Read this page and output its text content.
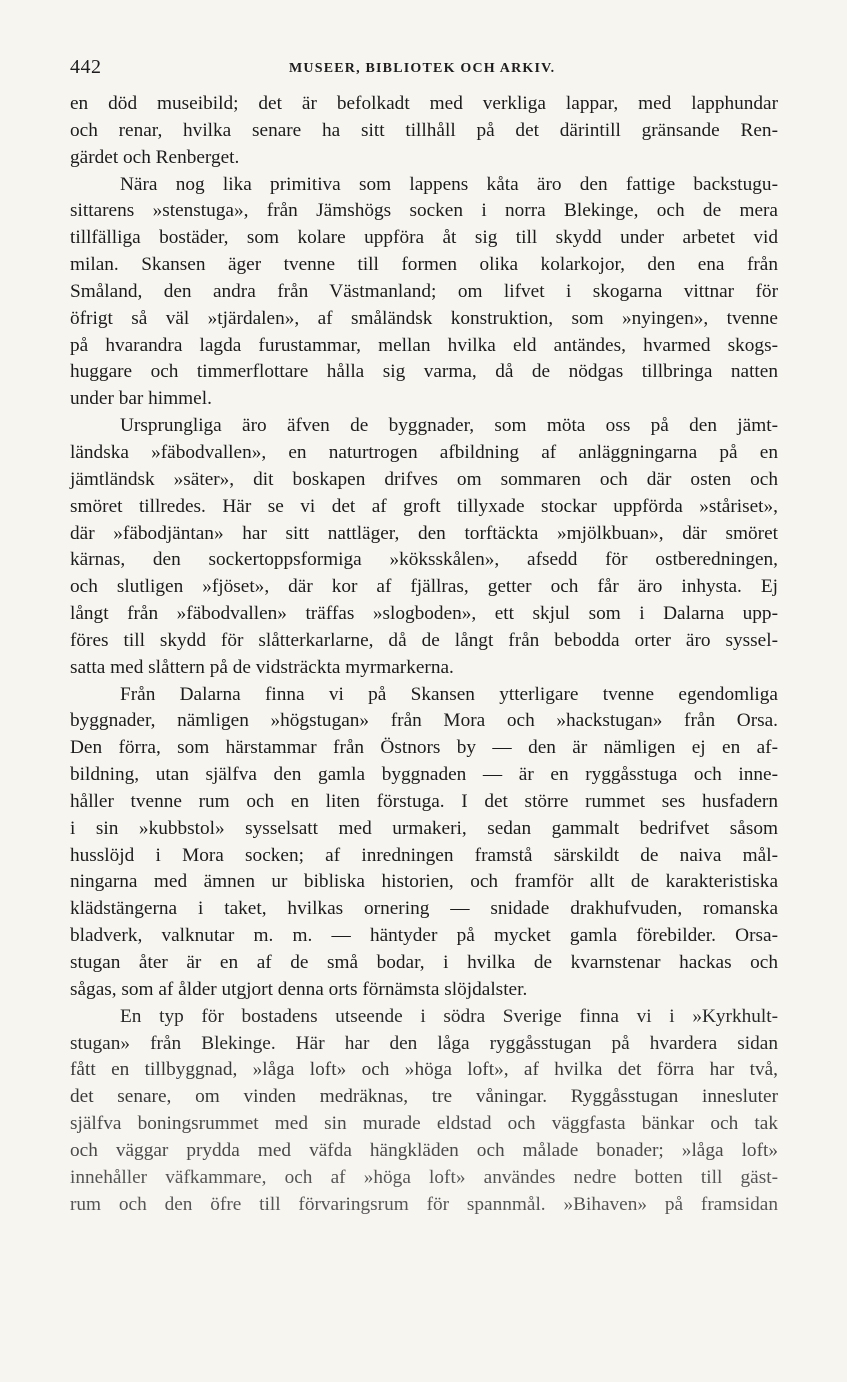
442	MUSEER, BIBLIOTEK OCH ARKIV.
en död museibild; det är befolkadt med verkliga lappar, med lapphundar
och renar, hvilka senare ha sitt tillhåll på det därintill gränsande Ren-
gärdet och Renberget.
Nära nog lika primitiva som lappens kåta äro den fattige backstugu-
sittarens »stenstuga», från Jämshögs socken i norra Blekinge, och de mera
tillfälliga bostäder, som kolare uppföra åt sig till skydd under arbetet vid
milan. Skansen äger tvenne till formen olika kolarkojor, den ena från
Småland, den andra från Västmanland; om lifvet i skogarna vittnar för
öfrigt så väl »tjärdalen», af småländsk konstruktion, som »nyingen», tvenne
på hvarandra lagda furustammar, mellan hvilka eld antändes, hvarmed skogs-
huggare och timmerflottare hålla sig varma, då de nödgas tillbringa natten
under bar himmel.
Ursprungliga äro äfven de byggnader, som möta oss på den jämt-
ländska »fäbodvallen», en naturtrogen afbildning af anläggningarna på en
jämtländsk »säter», dit boskapen drifves om sommaren och där osten och
smöret tillredes. Här se vi det af groft tillyxade stockar uppförda »ståriset»,
där »fäbodjäntan» har sitt nattläger, den torftäckta »mjölkbuan», där smöret
kärnas, den sockertoppsformiga »köksskålen», afsedd för ostberedningen,
och slutligen »fjöset», där kor af fjällras, getter och får äro inhysta. Ej
långt från »fäbodvallen» träffas »slogboden», ett skjul som i Dalarna upp-
föres till skydd för slåtterkarlarne, då de långt från bebodda orter äro syssel-
satta med slåttern på de vidsträckta myrmarkerna.
Från Dalarna finna vi på Skansen ytterligare tvenne egendomliga
byggnader, nämligen »högstugan» från Mora och »hackstugan» från Orsa.
Den förra, som härstammar från Östnors by — den är nämligen ej en af-
bildning, utan själfva den gamla byggnaden — är en ryggåsstuga och inne-
håller tvenne rum och en liten förstuga. I det större rummet ses husfadern
i sin »kubbstol» sysselsatt med urmakeri, sedan gammalt bedrifvet såsom
husslöjd i Mora socken; af inredningen framstå särskildt de naiva mål-
ningarna med ämnen ur bibliska historien, och framför allt de karakteristiska
klädstängerna i taket, hvilkas ornering — snidade drakhufvuden, romanska
bladverk, valknutar m. m. — häntyder på mycket gamla förebilder. Orsa-
stugan åter är en af de små bodar, i hvilka de kvarnstenar hackas och
sågas, som af ålder utgjort denna orts förnämsta slöjdalster.
En typ för bostadens utseende i södra Sverige finna vi i »Kyrkhult-
stugan» från Blekinge. Här har den låga ryggåsstugan på hvardera sidan
fått en tillbyggnad, »låga loft» och »höga loft», af hvilka det förra har två,
det senare, om vinden medräknas, tre våningar. Ryggåsstugan innesluter
själfva boningsrummet med sin murade eldstad och väggfasta bänkar och tak
och väggar prydda med väfda hängkläden och målade bonader; »låga loft»
innehåller väfkammare, och af »höga loft» användes nedre botten till gäst-
rum och den öfre till förvaringsrum för spannmål. »Bihaven» på framsidan
